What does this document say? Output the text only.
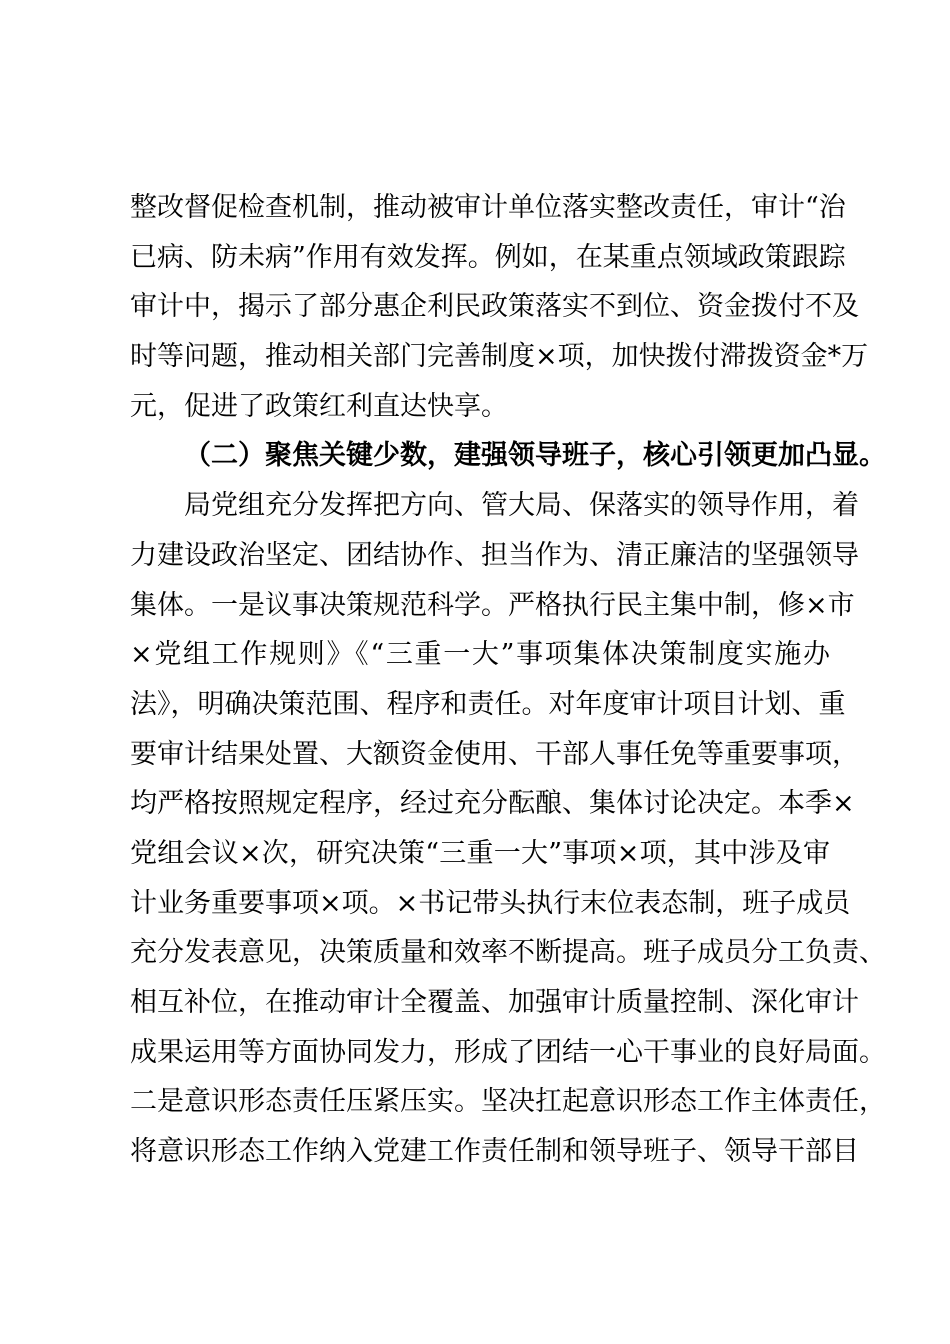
整改督促检查机制，推动被审计单位落实整改责任，审计“治
已病、防未病”作用有效发挥。例如，在某重点领域政策跟踪
审计中，揭示了部分惠企利民政策落实不到位、资金拨付不及
时等问题，推动相关部门完善制度×项，加快拨付滞拨资金*万
元，促进了政策红利直达快享。
（二）聚焦关键少数，建强领导班子，核心引领更加凸显。
局党组充分发挥把方向、管大局、保落实的领导作用，着
力建设政治坚定、团结协作、担当作为、清正廉洁的坚强领导
集体。一是议事决策规范科学。严格执行民主集中制，修×市
×党组工作规则》《“三重一大”事项集体决策制度实施办
法》，明确决策范围、程序和责任。对年度审计项目计划、重
要审计结果处置、大额资金使用、干部人事任免等重要事项，
均严格按照规定程序，经过充分酝酿、集体讨论决定。本季×
党组会议×次，研究决策“三重一大”事项×项，其中涉及审
计业务重要事项×项。×书记带头执行末位表态制，班子成员
充分发表意见，决策质量和效率不断提高。班子成员分工负责、
相互补位，在推动审计全覆盖、加强审计质量控制、深化审计
成果运用等方面协同发力，形成了团结一心干事业的良好局面。
二是意识形态责任压紧压实。坚决扛起意识形态工作主体责任，
将意识形态工作纳入党建工作责任制和领导班子、领导干部目
